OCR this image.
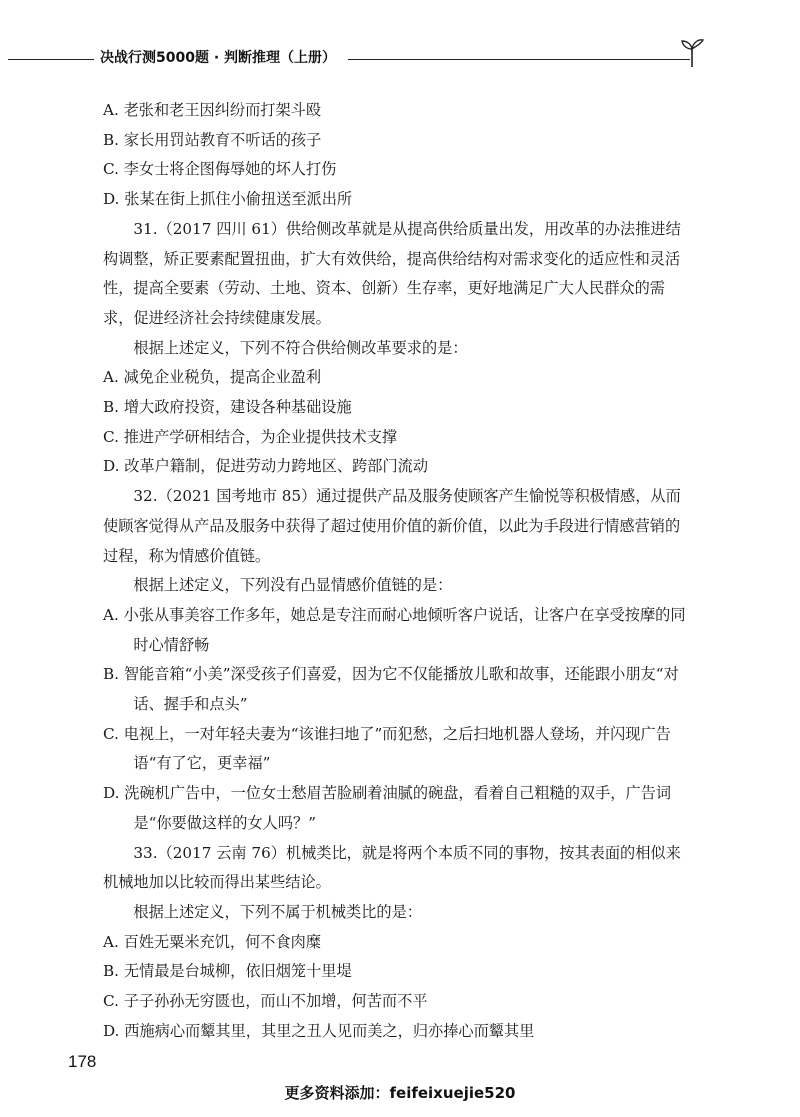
决战行测5000题 · 判断推理（上册）

A. 老张和老王因纠纷而打架斗殴

B. 家长用罚站教育不听话的孩子

C. 李女士将企图侮辱她的坏人打伤

D. 张某在街上抓住小偷扭送至派出所

31.（2017 四川 61）供给侧改革就是从提高供给质量出发，用改革的办法推进结构调整，矫正要素配置扭曲，扩大有效供给，提高供给结构对需求变化的适应性和灵活性，提高全要素（劳动、土地、资本、创新）生存率，更好地满足广大人民群众的需求，促进经济社会持续健康发展。

根据上述定义，下列不符合供给侧改革要求的是：

A. 减免企业税负，提高企业盈利

B. 增大政府投资，建设各种基础设施

C. 推进产学研相结合，为企业提供技术支撑

D. 改革户籍制，促进劳动力跨地区、跨部门流动

32.（2021 国考地市 85）通过提供产品及服务使顾客产生愉悦等积极情感，从而使顾客觉得从产品及服务中获得了超过使用价值的新价值，以此为手段进行情感营销的过程，称为情感价值链。

根据上述定义，下列没有凸显情感价值链的是：

A. 小张从事美容工作多年，她总是专注而耐心地倾听客户说话，让客户在享受按摩的同时心情舒畅

B. 智能音箱“小美”深受孩子们喜爱，因为它不仅能播放儿歌和故事，还能跟小朋友“对话、握手和点头”

C. 电视上，一对年轻夫妻为“该谁扫地了”而犯愁，之后扫地机器人登场，并闪现广告语“有了它，更幸福”

D. 洗碗机广告中，一位女士愁眉苦脸刷着油腻的碗盘，看着自己粗糙的双手，广告词是“你要做这样的女人吗？”

33.（2017 云南 76）机械类比，就是将两个本质不同的事物，按其表面的相似来机械地加以比较而得出某些结论。

根据上述定义，下列不属于机械类比的是：

A. 百姓无粟米充饥，何不食肉糜

B. 无情最是台城柳，依旧烟笼十里堤

C. 子子孙孙无穷匮也，而山不加增，何苦而不平

D. 西施病心而颦其里，其里之丑人见而美之，归亦捧心而颦其里

178
更多资料添加：feifeixuejie520
